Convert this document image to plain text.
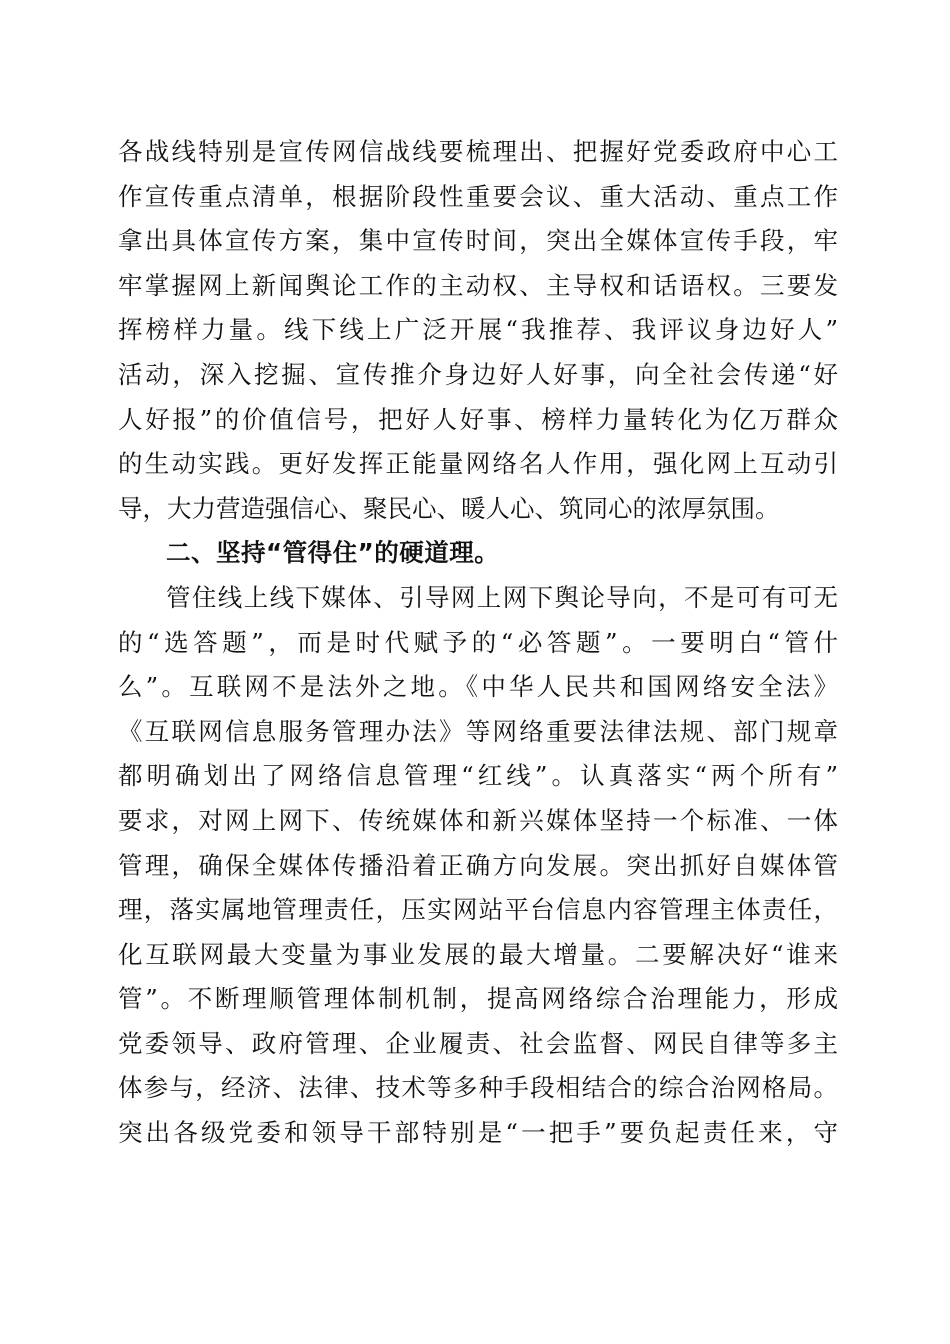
各战线特别是宣传网信战线要梳理出、把握好党委政府中心工
作宣传重点清单，根据阶段性重要会议、重大活动、重点工作
拿出具体宣传方案，集中宣传时间，突出全媒体宣传手段，牢
牢掌握网上新闻舆论工作的主动权、主导权和话语权。三要发
挥榜样力量。线下线上广泛开展“我推荐、我评议身边好人”
活动，深入挖掘、宣传推介身边好人好事，向全社会传递“好
人好报”的价值信号，把好人好事、榜样力量转化为亿万群众
的生动实践。更好发挥正能量网络名人作用，强化网上互动引
导，大力营造强信心、聚民心、暖人心、筑同心的浓厚氛围。
二、坚持“管得住”的硬道理。
管住线上线下媒体、引导网上网下舆论导向，不是可有可无
的“选答题”，而是时代赋予的“必答题”。一要明白“管什
么”。互联网不是法外之地。《中华人民共和国网络安全法》
《互联网信息服务管理办法》等网络重要法律法规、部门规章
都明确划出了网络信息管理“红线”。认真落实“两个所有”
要求，对网上网下、传统媒体和新兴媒体坚持一个标准、一体
管理，确保全媒体传播沿着正确方向发展。突出抓好自媒体管
理，落实属地管理责任，压实网站平台信息内容管理主体责任，
化互联网最大变量为事业发展的最大增量。二要解决好“谁来
管”。不断理顺管理体制机制，提高网络综合治理能力，形成
党委领导、政府管理、企业履责、社会监督、网民自律等多主
体参与，经济、法律、技术等多种手段相结合的综合治网格局。
突出各级党委和领导干部特别是“一把手”要负起责任来，守
